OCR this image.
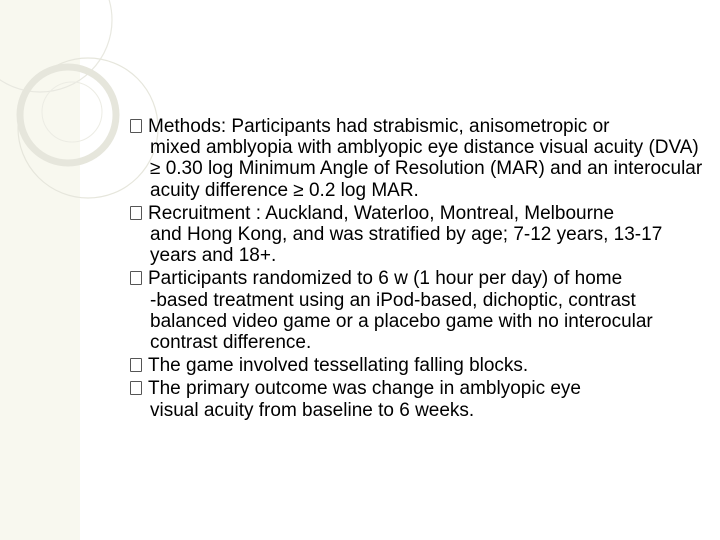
Methods: Participants had strabismic, anisometropic or
mixed amblyopia with amblyopic eye distance visual acuity (DVA) ≥ 0.30 log Minimum Angle of Resolution (MAR) and an interocular acuity difference ≥ 0.2 log MAR.
Recruitment : Auckland, Waterloo, Montreal, Melbourne
and Hong Kong, and was stratified by age; 7-12 years, 13-17 years and 18+.
Participants randomized to 6 w (1 hour per day) of home
-based treatment using an iPod-based, dichoptic, contrast balanced video game or a placebo game with no interocular contrast difference.
The game involved tessellating falling blocks.
The primary outcome was change in amblyopic eye
visual acuity from baseline to 6 weeks.
